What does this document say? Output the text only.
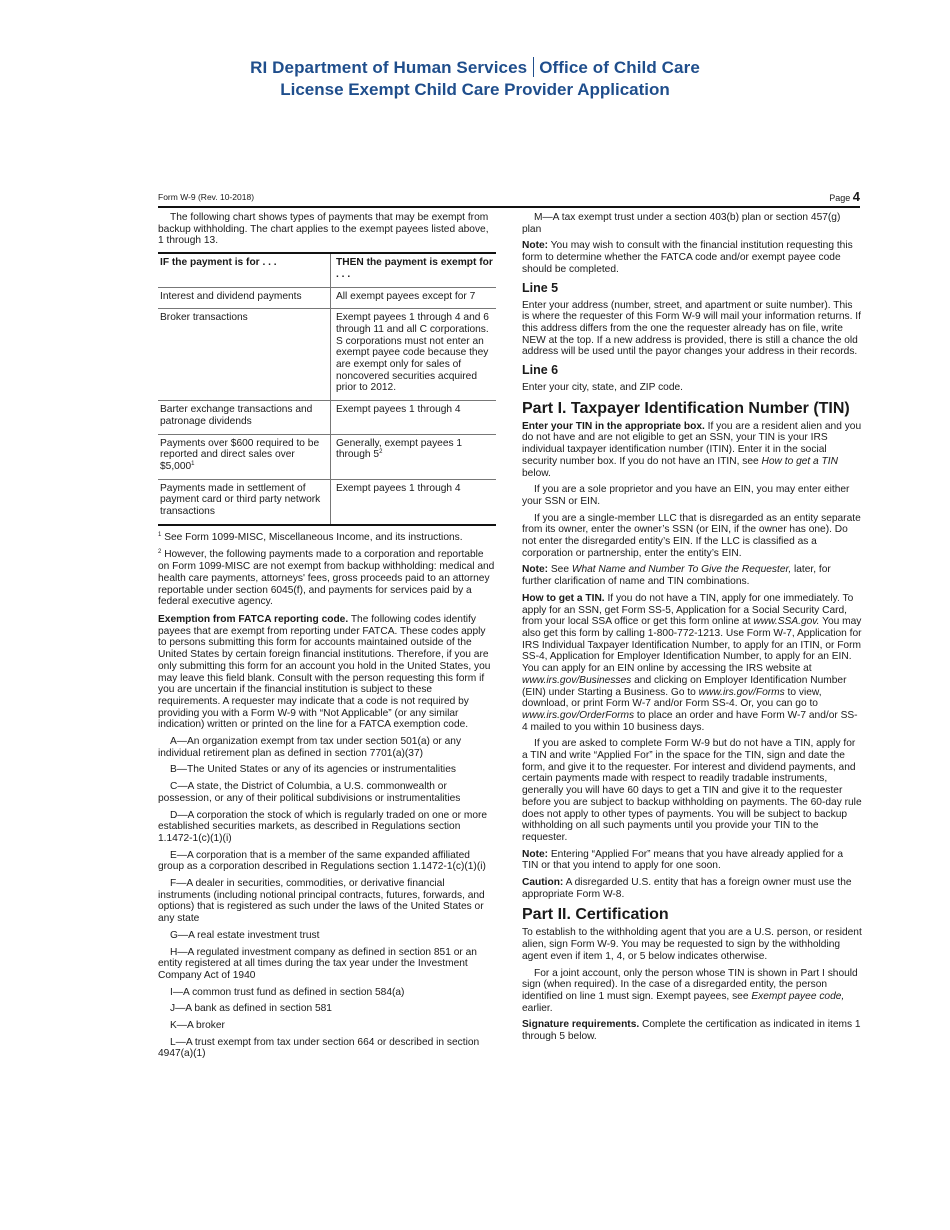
RI Department of Human Services Office of Child Care
License Exempt Child Care Provider Application
Form W-9 (Rev. 10-2018)	Page 4

The following chart shows types of payments that may be exempt from backup withholding. The chart applies to the exempt payees listed above, 1 through 13.

IF the payment is for . . .	THEN the payment is exempt for . . .
Interest and dividend payments	All exempt payees except for 7
Broker transactions	Exempt payees 1 through 4 and 6 through 11 and all C corporations. S corporations must not enter an exempt payee code because they are exempt only for sales of noncovered securities acquired prior to 2012.
Barter exchange transactions and patronage dividends	Exempt payees 1 through 4
Payments over $600 required to be reported and direct sales over $5,000$^1$	Generally, exempt payees 1 through $5^2$
Payments made in settlement of payment card or third party network transactions	Exempt payees 1 through 4
$^1$ See Form 1099-MISC, Miscellaneous Income, and its instructions.
$^2$ However, the following payments made to a corporation and reportable on Form 1099-MISC are not exempt from backup withholding: medical and health care payments, attorneys' fees, gross proceeds paid to an attorney reportable under section 6045(f), and payments for services paid by a federal executive agency.

Exemption from FATCA reporting code. The following codes identify payees that are exempt from reporting under FATCA. These codes apply to persons submitting this form for accounts maintained outside of the United States by certain foreign financial institutions. Therefore, if you are only submitting this form for an account you hold in the United States, you may leave this field blank. Consult with the person requesting this form if you are uncertain if the financial institution is subject to these requirements. A requester may indicate that a code is not required by providing you with a Form W-9 with “Not Applicable” (or any similar indication) written or printed on the line for a FATCA exemption code.

A—An organization exempt from tax under section 501(a) or any individual retirement plan as defined in section 7701(a)(37)

B—The United States or any of its agencies or instrumentalities

C—A state, the District of Columbia, a U.S. commonwealth or possession, or any of their political subdivisions or instrumentalities

D—A corporation the stock of which is regularly traded on one or more established securities markets, as described in Regulations section 1.1472-1(c)(1)(i)

E—A corporation that is a member of the same expanded affiliated group as a corporation described in Regulations section 1.1472-1(c)(1)(i)

F—A dealer in securities, commodities, or derivative financial instruments (including notional principal contracts, futures, forwards, and options) that is registered as such under the laws of the United States or any state

G—A real estate investment trust

H—A regulated investment company as defined in section 851 or an entity registered at all times during the tax year under the Investment Company Act of 1940

I—A common trust fund as defined in section 584(a)

J—A bank as defined in section 581

K—A broker

L—A trust exempt from tax under section 664 or described in section 4947(a)(1)

M—A tax exempt trust under a section 403(b) plan or section 457(g) plan

Note: You may wish to consult with the financial institution requesting this form to determine whether the FATCA code and/or exempt payee code should be completed.

Line 5

Enter your address (number, street, and apartment or suite number). This is where the requester of this Form W-9 will mail your information returns. If this address differs from the one the requester already has on file, write NEW at the top. If a new address is provided, there is still a chance the old address will be used until the payor changes your address in their records.

Line 6

Enter your city, state, and ZIP code.

Part I. Taxpayer Identification Number (TIN)

Enter your TIN in the appropriate box. If you are a resident alien and you do not have and are not eligible to get an SSN, your TIN is your IRS individual taxpayer identification number (ITIN). Enter it in the social security number box. If you do not have an ITIN, see How to get a TIN below.

If you are a sole proprietor and you have an EIN, you may enter either your SSN or EIN.

If you are a single-member LLC that is disregarded as an entity separate from its owner, enter the owner’s SSN (or EIN, if the owner has one). Do not enter the disregarded entity’s EIN. If the LLC is classified as a corporation or partnership, enter the entity’s EIN.

Note: See What Name and Number To Give the Requester, later, for further clarification of name and TIN combinations.

How to get a TIN. If you do not have a TIN, apply for one immediately. To apply for an SSN, get Form SS-5, Application for a Social Security Card, from your local SSA office or get this form online at www.SSA.gov. You may also get this form by calling 1-800-772-1213. Use Form W-7, Application for IRS Individual Taxpayer Identification Number, to apply for an ITIN, or Form SS-4, Application for Employer Identification Number, to apply for an EIN. You can apply for an EIN online by accessing the IRS website at www.irs.gov/Businesses and clicking on Employer Identification Number (EIN) under Starting a Business. Go to www.irs.gov/Forms to view, download, or print Form W-7 and/or Form SS-4. Or, you can go to www.irs.gov/OrderForms to place an order and have Form W-7 and/or SS-4 mailed to you within 10 business days.

If you are asked to complete Form W-9 but do not have a TIN, apply for a TIN and write “Applied For” in the space for the TIN, sign and date the form, and give it to the requester. For interest and dividend payments, and certain payments made with respect to readily tradable instruments, generally you will have 60 days to get a TIN and give it to the requester before you are subject to backup withholding on payments. The 60-day rule does not apply to other types of payments. You will be subject to backup withholding on all such payments until you provide your TIN to the requester.

Note: Entering “Applied For” means that you have already applied for a TIN or that you intend to apply for one soon.

Caution: A disregarded U.S. entity that has a foreign owner must use the appropriate Form W-8.

Part II. Certification

To establish to the withholding agent that you are a U.S. person, or resident alien, sign Form W-9. You may be requested to sign by the withholding agent even if item 1, 4, or 5 below indicates otherwise.

For a joint account, only the person whose TIN is shown in Part I should sign (when required). In the case of a disregarded entity, the person identified on line 1 must sign. Exempt payees, see Exempt payee code, earlier.

Signature requirements. Complete the certification as indicated in items 1 through 5 below.
